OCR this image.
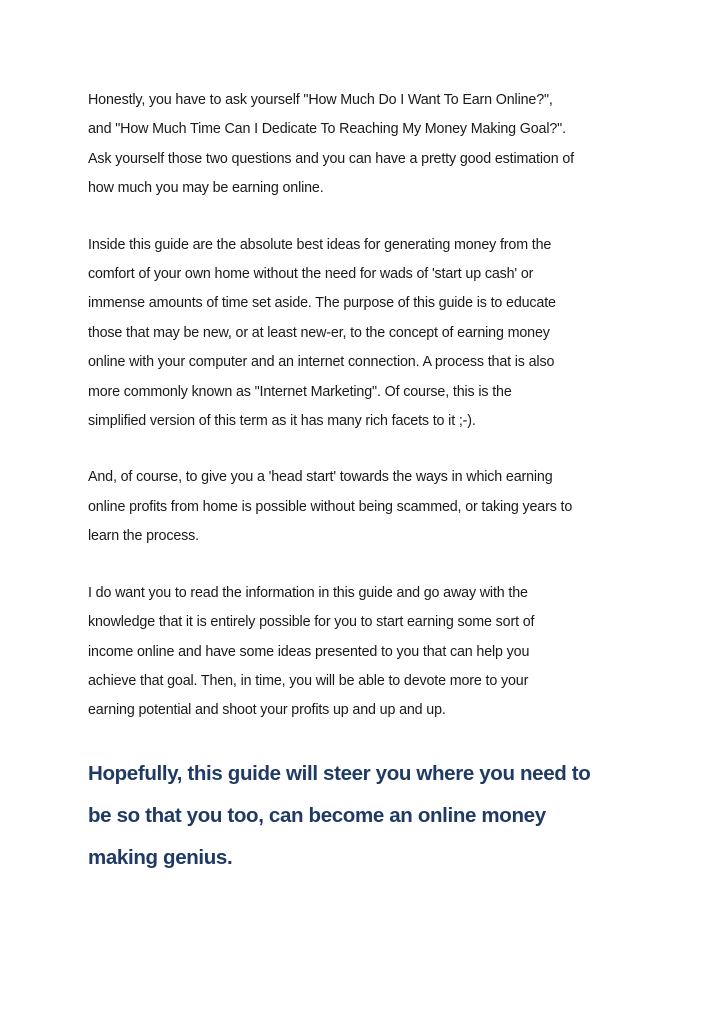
Honestly, you have to ask yourself "How Much Do I Want To Earn Online?",
and "How Much Time Can I Dedicate To Reaching My Money Making Goal?".
Ask yourself those two questions and you can have a pretty good estimation of
how much you may be earning online.

Inside this guide are the absolute best ideas for generating money from the
comfort of your own home without the need for wads of 'start up cash' or
immense amounts of time set aside. The purpose of this guide is to educate
those that may be new, or at least new-er, to the concept of earning money
online with your computer and an internet connection. A process that is also
more commonly known as "Internet Marketing". Of course, this is the
simplified version of this term as it has many rich facets to it ;-).

And, of course, to give you a 'head start' towards the ways in which earning
online profits from home is possible without being scammed, or taking years to
learn the process.

I do want you to read the information in this guide and go away with the
knowledge that it is entirely possible for you to start earning some sort of
income online and have some ideas presented to you that can help you
achieve that goal. Then, in time, you will be able to devote more to your
earning potential and shoot your profits up and up and up.

Hopefully, this guide will steer you where you need to
be so that you too, can become an online money
making genius.
